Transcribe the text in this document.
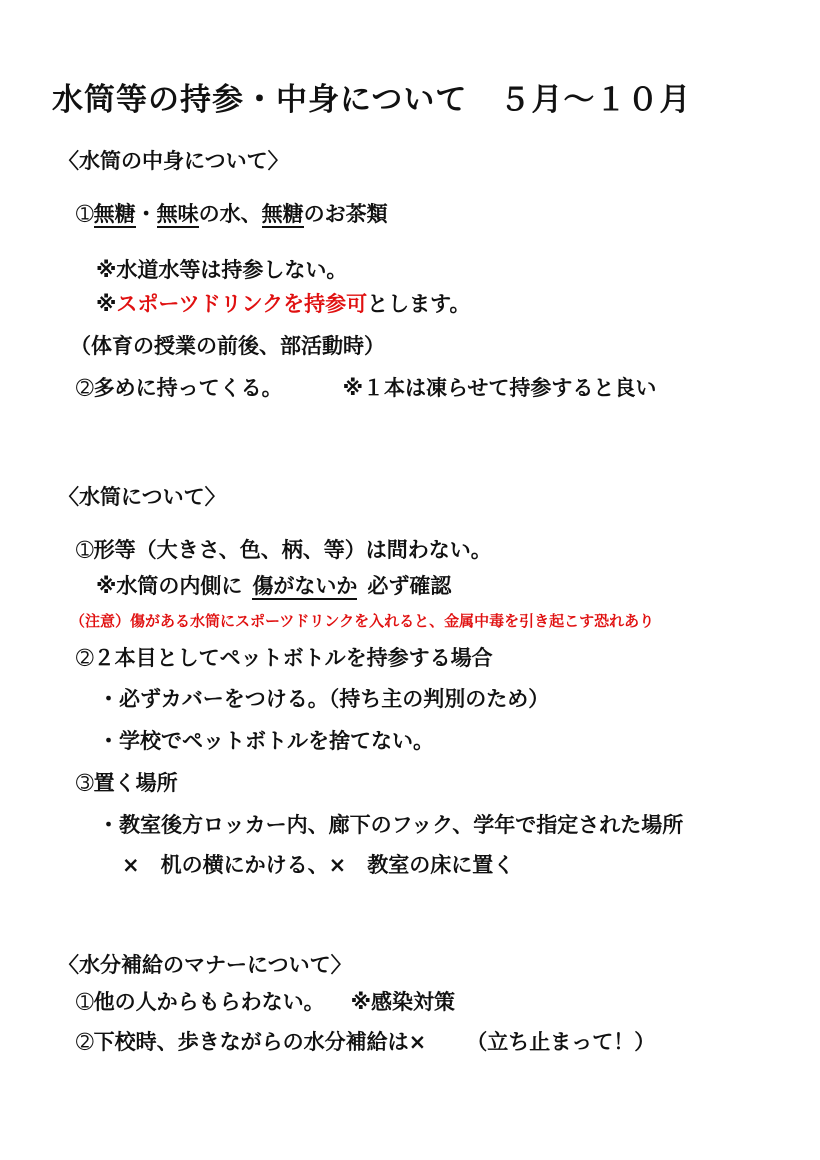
水筒等の持参・中身について　５月～１０月
〈水筒の中身について〉
➀無糖・無味の水、無糖のお茶類
※水道水等は持参しない。
※スポーツドリンクを持参可とします。
（体育の授業の前後、部活動時）
➁多めに持ってくる。	※１本は凍らせて持参すると良い
〈水筒について〉
➀形等（大きさ、色、柄、等）は問わない。
※水筒の内側に 傷がないか 必ず確認
（注意）傷がある水筒にスポーツドリンクを入れると、金属中毒を引き起こす恐れあり
➁２本目としてペットボトルを持参する場合
・必ずカバーをつける。（持ち主の判別のため）
・学校でペットボトルを捨てない。
➂置く場所
・教室後方ロッカー内、廊下のフック、学年で指定された場所
×　机の横にかける、×　教室の床に置く
〈水分補給のマナーについて〉
➀他の人からもらわない。 ※感染対策
➁下校時、歩きながらの水分補給は× （立ち止まって！）
